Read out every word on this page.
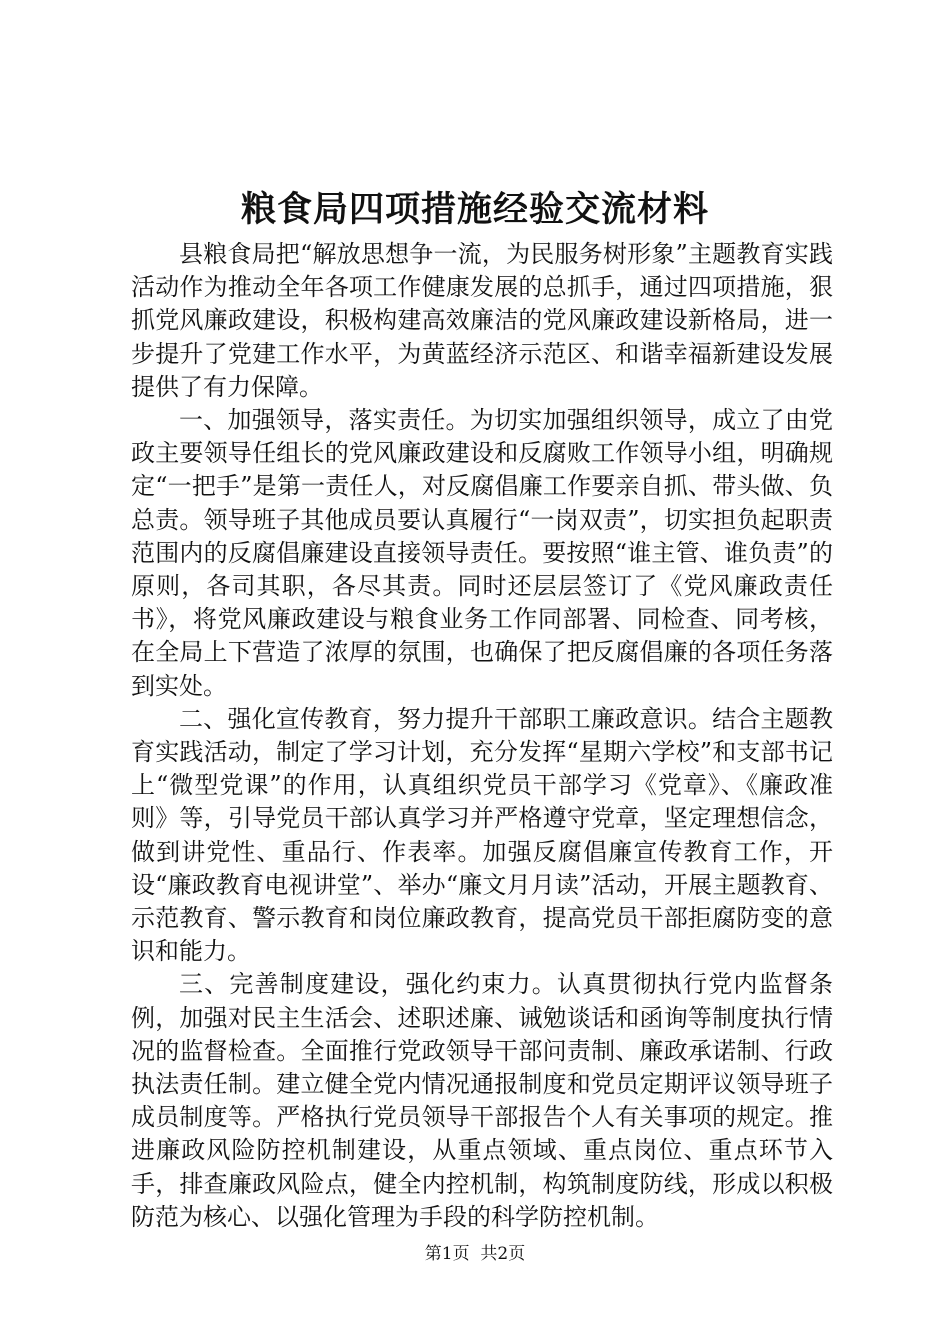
粮食局四项措施经验交流材料

县粮食局把“解放思想争一流，为民服务树形象”主题教育实践活动作为推动全年各项工作健康发展的总抓手，通过四项措施，狠抓党风廉政建设，积极构建高效廉洁的党风廉政建设新格局，进一步提升了党建工作水平，为黄蓝经济示范区、和谐幸福新建设发展提供了有力保障。

一、加强领导，落实责任。为切实加强组织领导，成立了由党政主要领导任组长的党风廉政建设和反腐败工作领导小组，明确规定“一把手”是第一责任人，对反腐倡廉工作要亲自抓、带头做、负总责。领导班子其他成员要认真履行“一岗双责”，切实担负起职责范围内的反腐倡廉建设直接领导责任。要按照“谁主管、谁负责”的原则，各司其职，各尽其责。同时还层层签订了《党风廉政责任书》，将党风廉政建设与粮食业务工作同部署、同检查、同考核，在全局上下营造了浓厚的氛围，也确保了把反腐倡廉的各项任务落到实处。

二、强化宣传教育，努力提升干部职工廉政意识。结合主题教育实践活动，制定了学习计划，充分发挥“星期六学校”和支部书记上“微型党课”的作用，认真组织党员干部学习《党章》、《廉政准则》等，引导党员干部认真学习并严格遵守党章，坚定理想信念，做到讲党性、重品行、作表率。加强反腐倡廉宣传教育工作，开设“廉政教育电视讲堂”、举办“廉文月月读”活动，开展主题教育、示范教育、警示教育和岗位廉政教育，提高党员干部拒腐防变的意识和能力。

三、完善制度建设，强化约束力。认真贯彻执行党内监督条例，加强对民主生活会、述职述廉、诫勉谈话和函询等制度执行情况的监督检查。全面推行党政领导干部问责制、廉政承诺制、行政执法责任制。建立健全党内情况通报制度和党员定期评议领导班子成员制度等。严格执行党员领导干部报告个人有关事项的规定。推进廉政风险防控机制建设，从重点领域、重点岗位、重点环节入手，排查廉政风险点，健全内控机制，构筑制度防线，形成以积极防范为核心、以强化管理为手段的科学防控机制。

第1页  共2页
